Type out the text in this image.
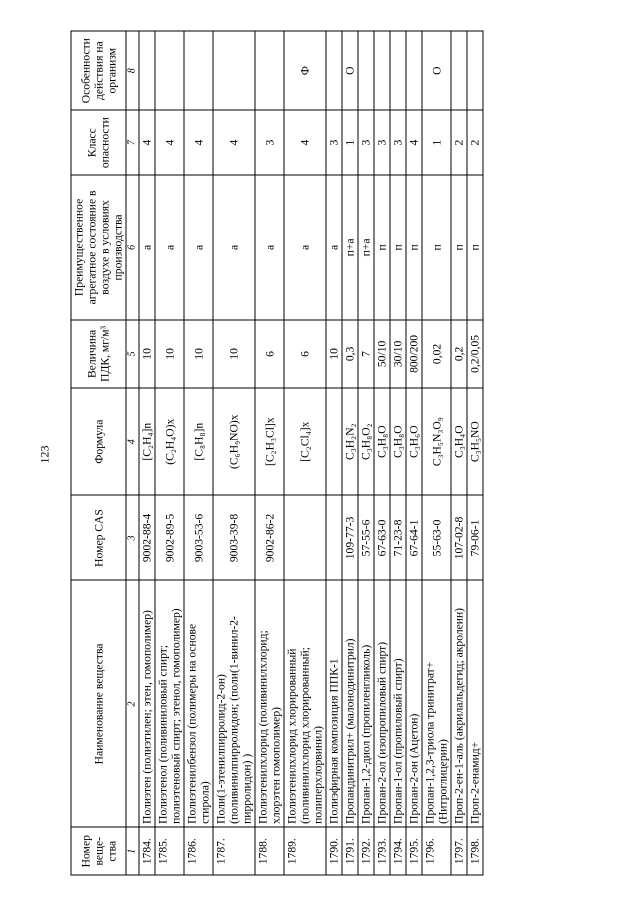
123
Номер веще-ства	Наименование вещества	Номер CAS	Формула	Величина ПДК, мг/м³	Преимущественное агрегатное состояние в воздухе в условиях производства	Класс опасности	Особенности действия на организм
1	2	3	4	5	6	7	8
1784.	Полиэтен (полиэтилен; этен, гомополимер)	9002-88-4	[C₂H₄]n	10	а	4	
1785.	Полиэтенол (поливиниловый спирт; полиэтеновый спирт; этенол, гомополимер)	9002-89-5	(C₂H₄O)x	10	а	4	
1786.	Полиэтенилбензол (полимеры на основе стирола)	9003-53-6	[C₈H₈]n	10	а	4	
1787.	Поли(1-этенилпирролид-2-он) (поливинилпирролидон; (поли(1-винил-2-пирролидон) )	9003-39-8	(C₆H₉NO)x	10	а	4	
1788.	Полиэтенилхлорид (поливинилхлорид; хлорэтен гомополимер)	9002-86-2	[C₂H₃Cl]x	6	а	3	
1789.	Полиэтенилхлорид хлорированный (поливинилхлорид хлорированный; полиперхлорвинил)		[C₂Cl₄]x	6	а	4	Ф
1790.	Полиэфирная композиция ППК-1			10	а	3	
1791.	Пропандинитрил+ (малонодинитрил)	109-77-3	C₃H₂N₂	0,3	п+а	1	О
1792.	Пропан-1,2-диол (пропиленгликоль)	57-55-6	C₃H₈O₂	7	п+а	3	
1793.	Пропан-2-ол (изопропиловый спирт)	67-63-0	C₃H₈O	50/10	п	3	
1794.	Пропан-1-ол (пропиловый спирт)	71-23-8	C₃H₈O	30/10	п	3	
1795.	Пропан-2-он (Ацетон)	67-64-1	C₃H₆O	800/200	п	4	
1796.	Пропан-1,2,3-триола тринитрат+ (Нитроглицерин)	55-63-0	C₃H₅N₃O₉	0,02	п	1	О
1797.	Проп-2-ен-1-аль (акрилальдегид; акролеин)	107-02-8	C₃H₄O	0,2	п	2	
1798.	Проп-2-енамид+	79-06-1	C₃H₅NO	0,2/0,05	п	2	
